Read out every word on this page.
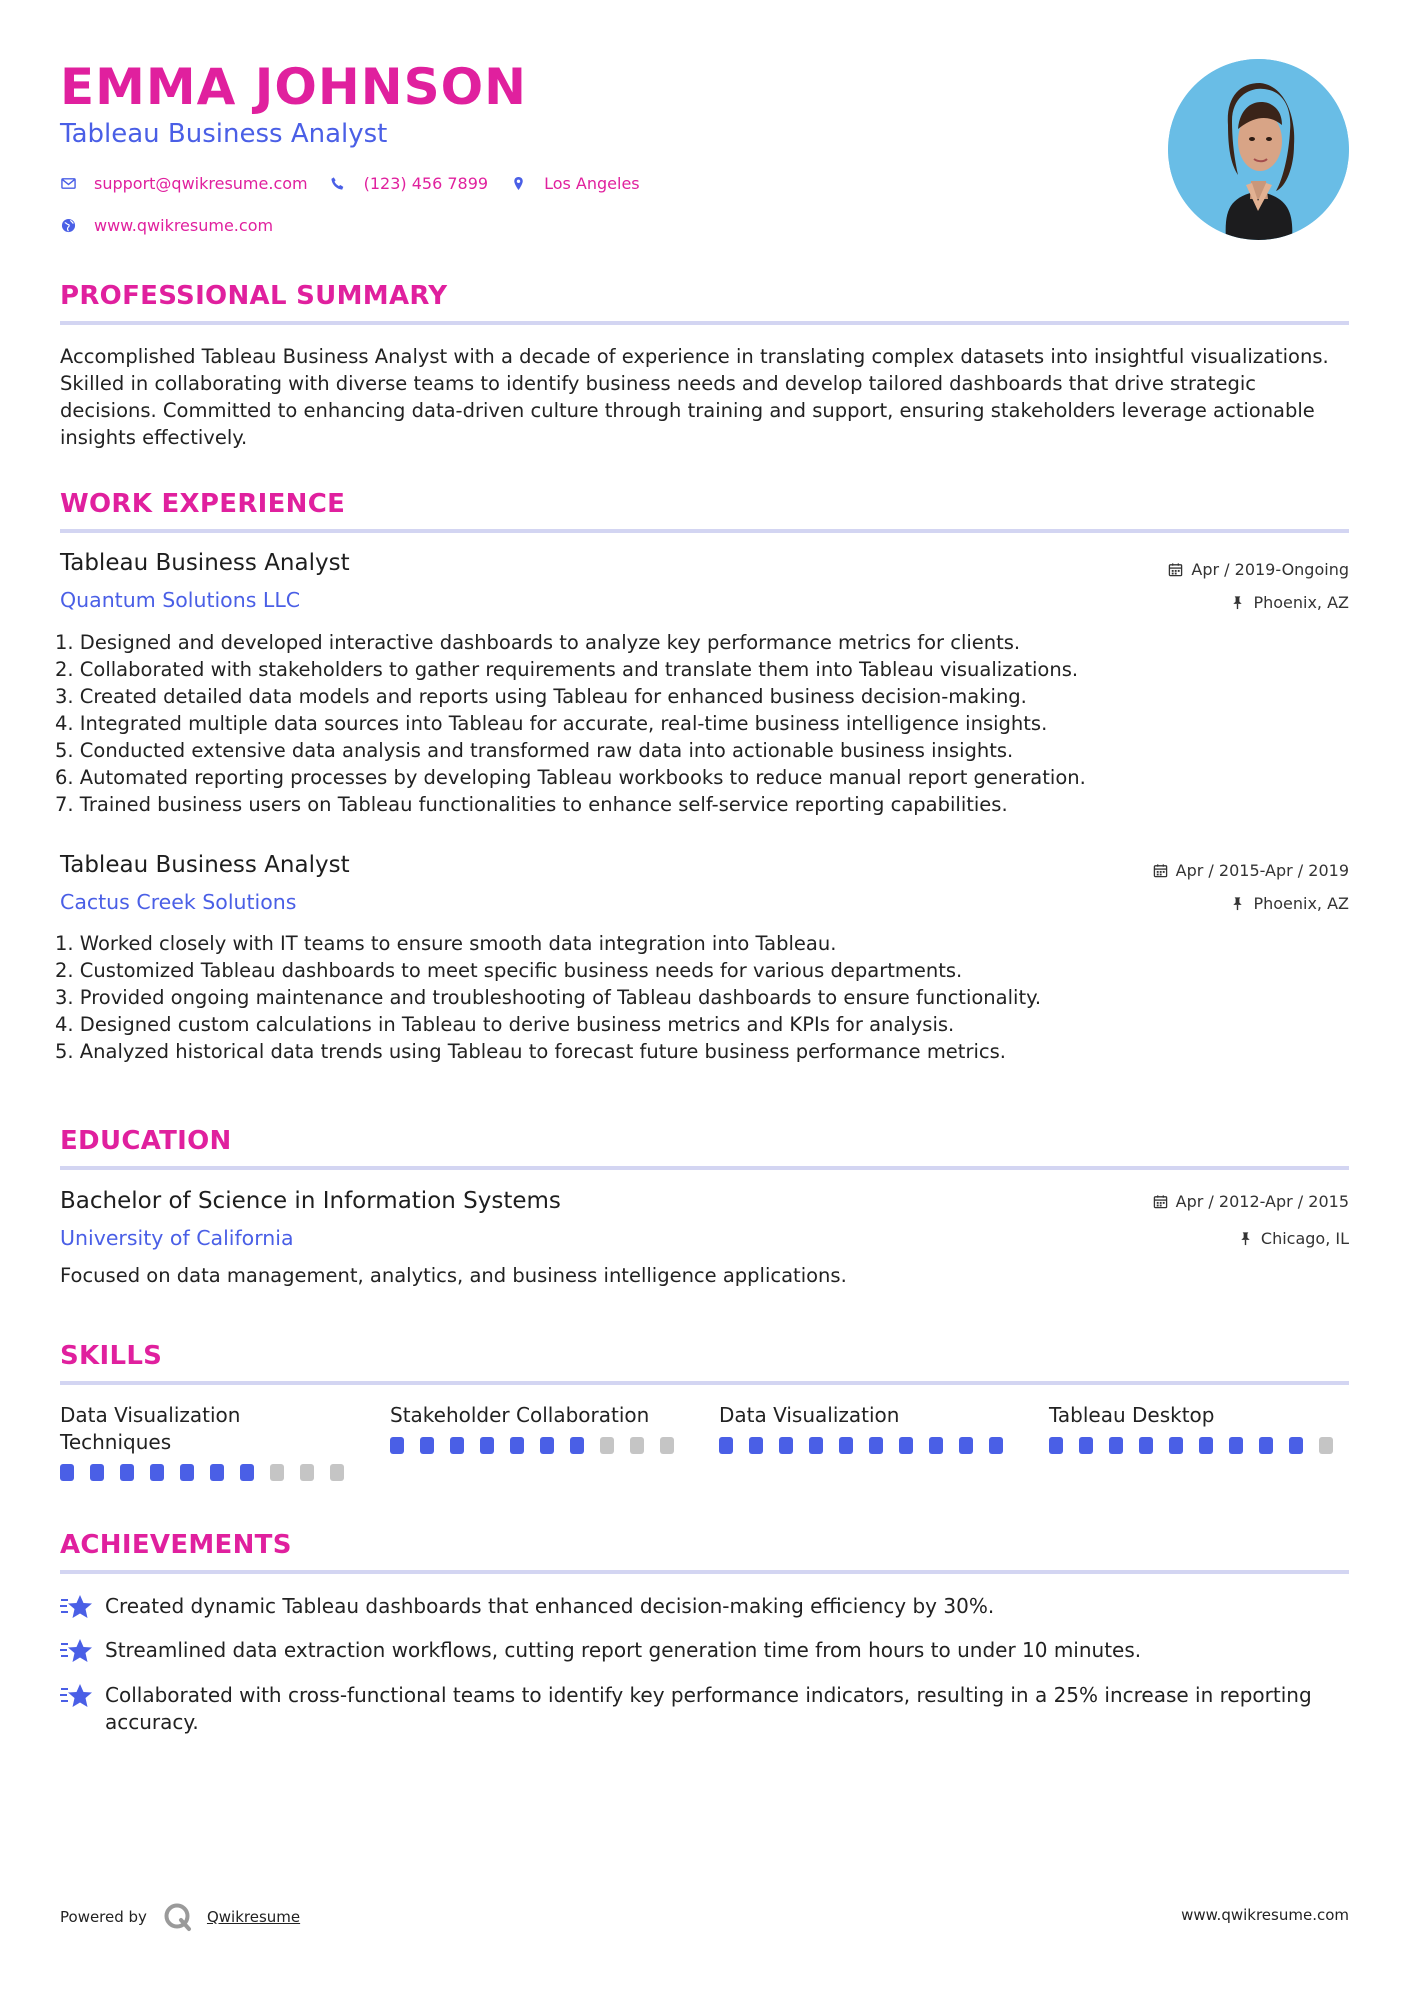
EMMA JOHNSON
Tableau Business Analyst
support@qwikresume.com	(123) 456 7899	Los Angeles
www.qwikresume.com
PROFESSIONAL SUMMARY
Accomplished Tableau Business Analyst with a decade of experience in translating complex datasets into insightful visualizations. Skilled in collaborating with diverse teams to identify business needs and develop tailored dashboards that drive strategic decisions. Committed to enhancing data-driven culture through training and support, ensuring stakeholders leverage actionable insights effectively.
WORK EXPERIENCE
Tableau Business Analyst
Quantum Solutions LLC
Apr / 2019-Ongoing
Phoenix, AZ
1. Designed and developed interactive dashboards to analyze key performance metrics for clients.
2. Collaborated with stakeholders to gather requirements and translate them into Tableau visualizations.
3. Created detailed data models and reports using Tableau for enhanced business decision-making.
4. Integrated multiple data sources into Tableau for accurate, real-time business intelligence insights.
5. Conducted extensive data analysis and transformed raw data into actionable business insights.
6. Automated reporting processes by developing Tableau workbooks to reduce manual report generation.
7. Trained business users on Tableau functionalities to enhance self-service reporting capabilities.
Tableau Business Analyst
Cactus Creek Solutions
Apr / 2015-Apr / 2019
Phoenix, AZ
1. Worked closely with IT teams to ensure smooth data integration into Tableau.
2. Customized Tableau dashboards to meet specific business needs for various departments.
3. Provided ongoing maintenance and troubleshooting of Tableau dashboards to ensure functionality.
4. Designed custom calculations in Tableau to derive business metrics and KPIs for analysis.
5. Analyzed historical data trends using Tableau to forecast future business performance metrics.
EDUCATION
Bachelor of Science in Information Systems
University of California
Apr / 2012-Apr / 2015
Chicago, IL
Focused on data management, analytics, and business intelligence applications.
SKILLS
Data Visualization Techniques
Stakeholder Collaboration	Data Visualization	Tableau Desktop
ACHIEVEMENTS
Created dynamic Tableau dashboards that enhanced decision-making efficiency by 30%.
Streamlined data extraction workflows, cutting report generation time from hours to under 10 minutes.
Collaborated with cross-functional teams to identify key performance indicators, resulting in a 25% increase in reporting accuracy.
Powered by	Qwikresume	www.qwikresume.com
